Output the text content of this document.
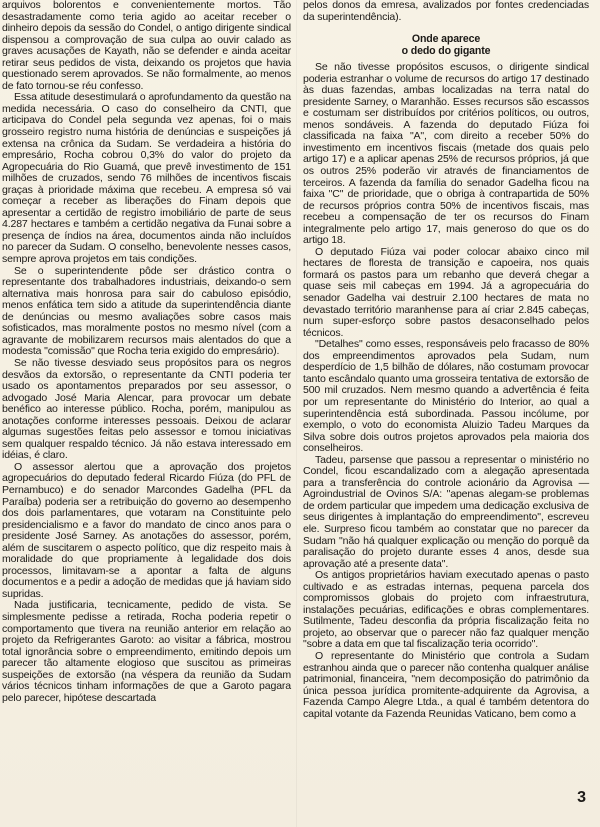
arquivos bolorentos e convenientemente mortos. Tão desastradamente como teria agido ao aceitar receber o dinheiro depois da sessão do Condel, o antigo dirigente sindical dispensou a comprovação de sua culpa ao ouvir calado as graves acusações de Kayath, não se defender e ainda aceitar retirar seus pedidos de vista, deixando os projetos que havia questionado serem aprovados. Se não formalmente, ao menos de fato tornou-se réu confesso.

Essa atitude desestimulará o aprofundamento da questão na medida necessária. O caso do conselheiro da CNTI, que articipava do Condel pela segunda vez apenas, foi o mais grosseiro registro numa história de denúncias e suspeições já extensa na crônica da Sudam. Se verdadeira a história do empresário, Rocha cobrou 0,3% do valor do projeto da Agropecuária do Rio Guamá, que prevê investimento de 151 milhões de cruzados, sendo 76 milhões de incentivos fiscais graças à prioridade máxima que recebeu. A empresa só vai começar a receber as liberações do Finam depois que apresentar a certidão de registro imobiliário de parte de seus 4.287 hectares e também a certidão negativa da Funai sobre a presença de índios na área, documentos ainda não incluídos no parecer da Sudam. O conselho, benevolente nesses casos, sempre aprova projetos em tais condições.

Se o superintendente pôde ser drástico contra o representante dos trabalhadores industriais, deixando-o sem alternativa mais honrosa para sair do cabuloso episódio, menos enfática tem sido a atitude da superintendência diante de denúncias ou mesmo avaliações sobre casos mais sofisticados, mas moralmente postos no mesmo nível (com a agravante de mobilizarem recursos mais alentados do que a modesta "comissão" que Rocha teria exigido do empresário).

Se não tivesse desviado seus propósitos para os negros desvãos da extorsão, o representante da CNTI poderia ter usado os apontamentos preparados por seu assessor, o advogado José Maria Alencar, para provocar um debate benéfico ao interesse público. Rocha, porém, manipulou as anotações conforme interesses pessoais. Deixou de aclarar algumas sugestões feitas pelo assessor e tomou iniciativas sem qualquer respaldo técnico. Já não estava interessado em idéias, é claro.

O assessor alertou que a aprovação dos projetos agropecuários do deputado federal Ricardo Fiúza (do PFL de Pernambuco) e do senador Marcondes Gadelha (PFL da Paraíba) poderia ser a retribuição do governo ao desempenho dos dois parlamentares, que votaram na Constituinte pelo presidencialismo e a favor do mandato de cinco anos para o presidente José Sarney. As anotações do assessor, porém, além de suscitarem o aspecto político, que diz respeito mais à moralidade do que propriamente à legalidade dos dois processos, limitavam-se a apontar a falta de alguns documentos e a pedir a adoção de medidas que já haviam sido supridas.

Nada justificaria, tecnicamente, pedido de vista. Se simplesmente pedisse a retirada, Rocha poderia repetir o comportamento que tivera na reunião anterior em relação ao projeto da Refrigerantes Garoto: ao visitar a fábrica, mostrou total ignorância sobre o empreendimento, emitindo depois um parecer tão altamente elogioso que suscitou as primeiras suspeições de extorsão (na véspera da reunião da Sudam vários técnicos tinham informações de que a Garoto pagara pelo parecer, hipótese descartada

pelos donos da emresa, avalizados por fontes credenciadas da superintendência).

Onde aparece
o dedo do gigante

Se não tivesse propósitos escusos, o dirigente sindical poderia estranhar o volume de recursos do artigo 17 destinado às duas fazendas, ambas localizadas na terra natal do presidente Sarney, o Maranhão. Esses recursos são escassos e costumam ser distribuídos por critérios políticos, ou outros, menos sondáveis. A fazenda do deputado Fiúza foi classificada na faixa "A", com direito a receber 50% do investimento em incentivos fiscais (metade dos quais pelo artigo 17) e a aplicar apenas 25% de recursos próprios, já que os outros 25% poderão vir através de financiamentos de terceiros. A fazenda da família do senador Gadelha ficou na faixa "C" de prioridade, que o obriga à contrapartida de 50% de recursos próprios contra 50% de incentivos fiscais, mas recebeu a compensação de ter os recursos do Finam integralmente pelo artigo 17, mais generoso do que os do artigo 18.

O deputado Fiúza vai poder colocar abaixo cinco mil hectares de floresta de transição e capoeira, nos quais formará os pastos para um rebanho que deverá chegar a quase seis mil cabeças em 1994. Já a agropecuária do senador Gadelha vai destruir 2.100 hectares de mata no devastado território maranhense para aí criar 2.845 cabeças, num super-esforço sobre pastos desaconselhado pelos técnicos.

"Detalhes" como esses, responsáveis pelo fracasso de 80% dos empreendimentos aprovados pela Sudam, num desperdício de 1,5 bilhão de dólares, não costumam provocar tanto escândalo quanto uma grosseira tentativa de extorsão de 500 mil cruzados. Nem mesmo quando a advertência é feita por um representante do Ministério do Interior, ao qual a superintendência está subordinada. Passou incólume, por exemplo, o voto do economista Aluizio Tadeu Marques da Silva sobre dois outros projetos aprovados pela maioria dos conselheiros.

Tadeu, parsense que passou a representar o ministério no Condel, ficou escandalizado com a alegação apresentada para a transferência do controle acionário da Agrovisa — Agroindustrial de Ovinos S/A: "apenas alegam-se problemas de ordem particular que impedem uma dedicação exclusiva de seus dirigentes à implantação do empreendimento", escreveu ele. Surpreso ficou também ao constatar que no parecer da Sudam "não há qualquer explicação ou menção do porquê da paralisação do projeto durante esses 4 anos, desde sua aprovação até a presente data".

Os antigos proprietários haviam executado apenas o pasto cultivado e as estradas internas, pequena parcela dos compromissos globais do projeto com infraestrutura, instalações pecuárias, edificações e obras complementares. Sutilmente, Tadeu desconfia da própria fiscalização feita no projeto, ao observar que o parecer não faz qualquer menção "sobre a data em que tal fiscalização teria ocorrido".

O representante do Ministério que controla a Sudam estranhou ainda que o parecer não contenha qualquer análise patrimonial, financeira, "nem decomposição do patrimônio da única pessoa jurídica promitente-adquirente da Agrovisa, a Fazenda Campo Alegre Ltda., a qual é também detentora do capital votante da Fazenda Reunidas Vaticano, bem como a

3
